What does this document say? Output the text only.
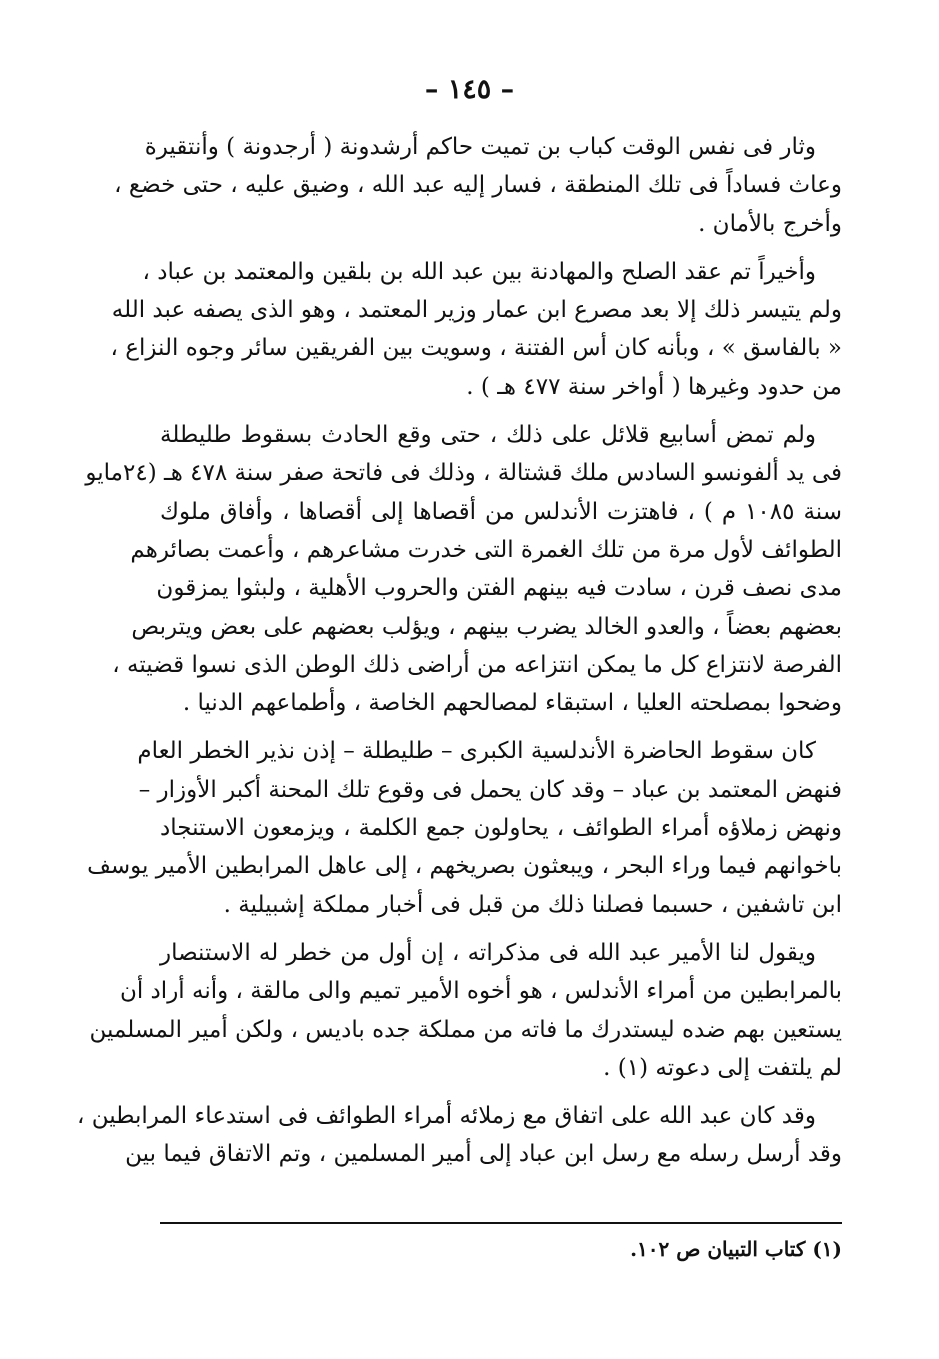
– ١٤٥ –
وثار فى نفس الوقت كباب بن تميت حاكم أرشدونة ( أرجدونة ) وأنتقيرة
وعاث فساداً فى تلك المنطقة ، فسار إليه عبد الله ، وضيق عليه ، حتى خضع ،
وأخرج بالأمان .
وأخيراً تم عقد الصلح والمهادنة بين عبد الله بن بلقين والمعتمد بن عباد ،
ولم يتيسر ذلك إلا بعد مصرع ابن عمار وزير المعتمد ، وهو الذى يصفه عبد الله
« بالفاسق » ، وبأنه كان أس الفتنة ، وسويت بين الفريقين سائر وجوه النزاع ،
من حدود وغيرها ( أواخر سنة ٤٧٧ هـ ) .
ولم تمض أسابيع قلائل على ذلك ، حتى وقع الحادث بسقوط طليطلة
فى يد ألفونسو السادس ملك قشتالة ، وذلك فى فاتحة صفر سنة ٤٧٨ هـ (٢٤مايو
سنة ١٠٨٥ م ) ، فاهتزت الأندلس من أقصاها إلى أقصاها ، وأفاق ملوك
الطوائف لأول مرة من تلك الغمرة التى خدرت مشاعرهم ، وأعمت بصائرهم
مدى نصف قرن ، سادت فيه بينهم الفتن والحروب الأهلية ، ولبثوا يمزقون
بعضهم بعضاً ، والعدو الخالد يضرب بينهم ، ويؤلب بعضهم على بعض ويتربص
الفرصة لانتزاع كل ما يمكن انتزاعه من أراضى ذلك الوطن الذى نسوا قضيته ،
وضحوا بمصلحته العليا ، استبقاء لمصالحهم الخاصة ، وأطماعهم الدنيا .
كان سقوط الحاضرة الأندلسية الكبرى – طليطلة – إذن نذير الخطر العام
فنهض المعتمد بن عباد – وقد كان يحمل فى وقوع تلك المحنة أكبر الأوزار –
ونهض زملاؤه أمراء الطوائف ، يحاولون جمع الكلمة ، ويزمعون الاستنجاد
باخوانهم فيما وراء البحر ، ويبعثون بصريخهم ، إلى عاهل المرابطين الأمير يوسف
ابن تاشفين ، حسبما فصلنا ذلك من قبل فى أخبار مملكة إشبيلية .
ويقول لنا الأمير عبد الله فى مذكراته ، إن أول من خطر له الاستنصار
بالمرابطين من أمراء الأندلس ، هو أخوه الأمير تميم والى مالقة ، وأنه أراد أن
يستعين بهم ضده ليستدرك ما فاته من مملكة جده باديس ، ولكن أمير المسلمين
لم يلتفت إلى دعوته (١) .
وقد كان عبد الله على اتفاق مع زملائه أمراء الطوائف فى استدعاء المرابطين ،
وقد أرسل رسله مع رسل ابن عباد إلى أمير المسلمين ، وتم الاتفاق فيما بين
(١) كتاب التبيان ص ١٠٢.
